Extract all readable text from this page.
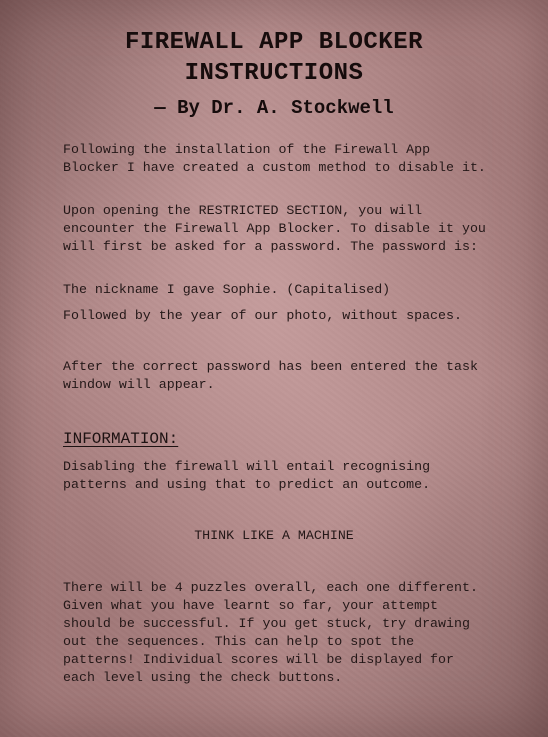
FIREWALL APP BLOCKER
INSTRUCTIONS
— By Dr. A. Stockwell

Following the installation of the Firewall App Blocker I have created a custom method to disable it.

Upon opening the RESTRICTED SECTION, you will encounter the Firewall App Blocker. To disable it you will first be asked for a password. The password is:

The nickname I gave Sophie. (Capitalised)

Followed by the year of our photo, without spaces.

After the correct password has been entered the task window will appear.

INFORMATION:

Disabling the firewall will entail recognising patterns and using that to predict an outcome.

THINK LIKE A MACHINE

There will be 4 puzzles overall, each one different. Given what you have learnt so far, your attempt should be successful. If you get stuck, try drawing out the sequences. This can help to spot the patterns! Individual scores will be displayed for each level using the check buttons.
